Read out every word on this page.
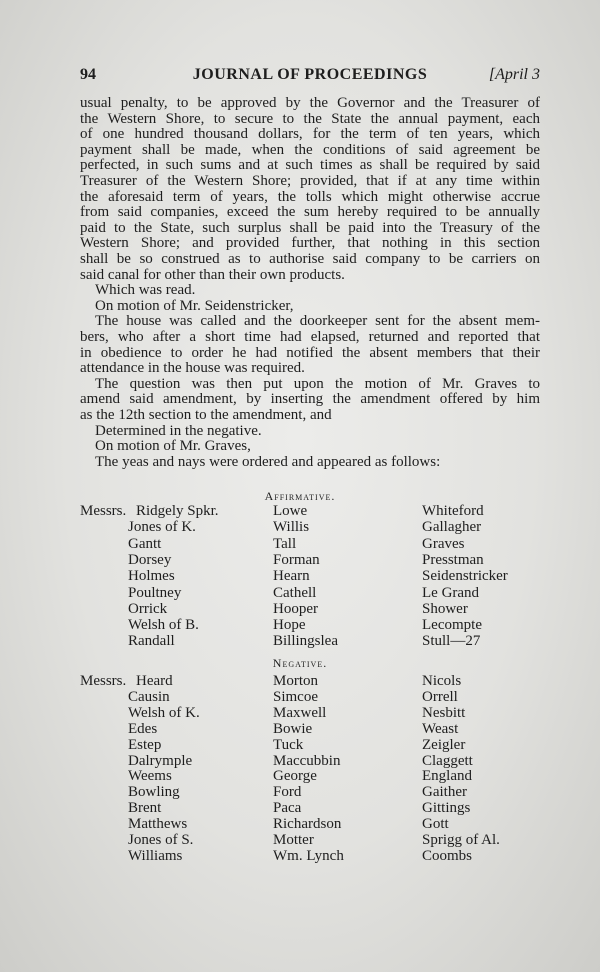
94	JOURNAL OF PROCEEDINGS	[April 3
usual penalty, to be approved by the Governor and the Treasurer of
the Western Shore, to secure to the State the annual payment, each
of one hundred thousand dollars, for the term of ten years, which
payment shall be made, when the conditions of said agreement be
perfected, in such sums and at such times as shall be required by said
Treasurer of the Western Shore; provided, that if at any time within
the aforesaid term of years, the tolls which might otherwise accrue
from said companies, exceed the sum hereby required to be annually
paid to the State, such surplus shall be paid into the Treasury of the
Western Shore; and provided further, that nothing in this section
shall be so construed as to authorise said company to be carriers on
said canal for other than their own products.
Which was read.
On motion of Mr. Seidenstricker,
The house was called and the doorkeeper sent for the absent mem-
bers, who after a short time had elapsed, returned and reported that
in obedience to order he had notified the absent members that their
attendance in the house was required.
The question was then put upon the motion of Mr. Graves to
amend said amendment, by inserting the amendment offered by him
as the 12th section to the amendment, and
Determined in the negative.
On motion of Mr. Graves,
The yeas and nays were ordered and appeared as follows:
Affirmative.
Messrs. Ridgely Spkr.
Jones of K.
Gantt
Dorsey
Holmes
Poultney
Orrick
Welsh of B.
Randall
Lowe
Willis
Tall
Forman
Hearn
Cathell
Hooper
Hope
Billingslea
Whiteford
Gallagher
Graves
Presstman
Seidenstricker
Le Grand
Shower
Lecompte
Stull—27
Negative.
Messrs. Heard
Causin
Welsh of K.
Edes
Estep
Dalrymple
Weems
Bowling
Brent
Matthews
Jones of S.
Williams
Morton
Simcoe
Maxwell
Bowie
Tuck
Maccubbin
George
Ford
Paca
Richardson
Motter
Wm. Lynch
Nicols
Orrell
Nesbitt
Weast
Zeigler
Claggett
England
Gaither
Gittings
Gott
Sprigg of Al.
Coombs
